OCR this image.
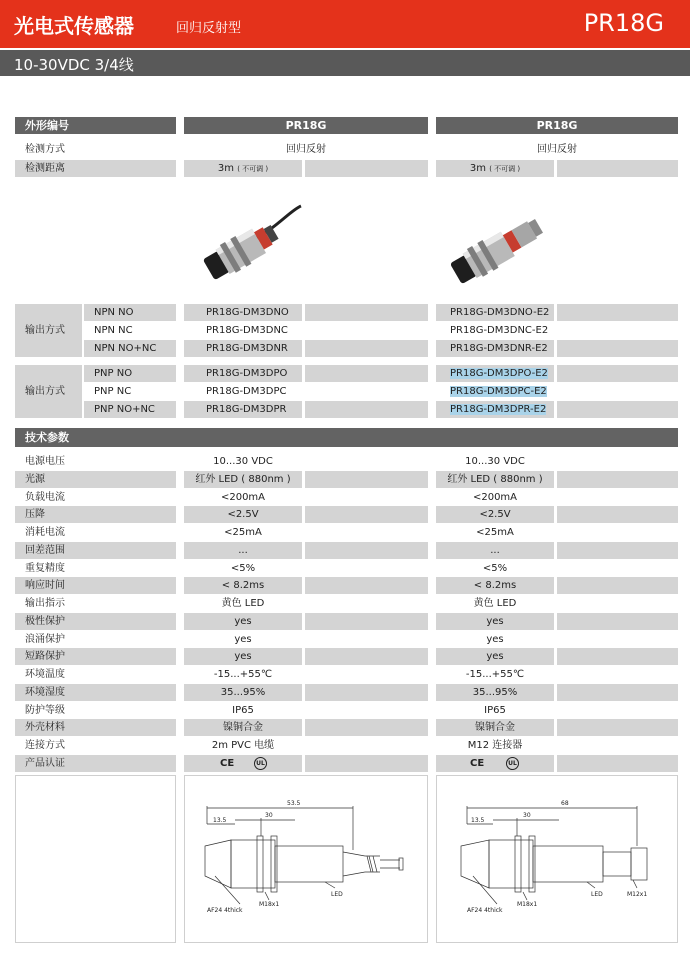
光电式传感器	回归反射型	PR18G
10-30VDC 3/4线
外形编号	PR18G	PR18G
检测方式	回归反射	回归反射
检测距离	3m ( 不可调 )	3m ( 不可调 )
输出方式
NPN NO	PR18G-DM3DNO	PR18G-DM3DNO-E2
NPN NC	PR18G-DM3DNC	PR18G-DM3DNC-E2
NPN NO+NC	PR18G-DM3DNR	PR18G-DM3DNR-E2
输出方式
PNP NO	PR18G-DM3DPO	PR18G-DM3DPO-E2
PNP NC	PR18G-DM3DPC	PR18G-DM3DPC-E2
PNP NO+NC	PR18G-DM3DPR	PR18G-DM3DPR-E2
技术参数
电源电压	10...30 VDC	10...30 VDC
光源	红外 LED ( 880nm )	红外 LED ( 880nm )
负载电流	<200mA	<200mA
压降	<2.5V	<2.5V
消耗电流	<25mA	<25mA
回差范围	...	...
重复精度	<5%	<5%
响应时间	< 8.2ms	< 8.2ms
输出指示	黄色 LED	黄色 LED
极性保护	yes	yes
浪涌保护	yes	yes
短路保护	yes	yes
环境温度	-15...+55℃	-15...+55℃
环境湿度	35...95%	35...95%
防护等级	IP65	IP65
外壳材料	镍铜合金	镍铜合金
连接方式	2m PVC 电缆	M12 连接器
产品认证	CE	UL	CE	UL
53.5
13.5
30
AF24 4thick
M18x1
LED
68
13.5
30
AF24 4thick
M18x1
LED	M12x1
